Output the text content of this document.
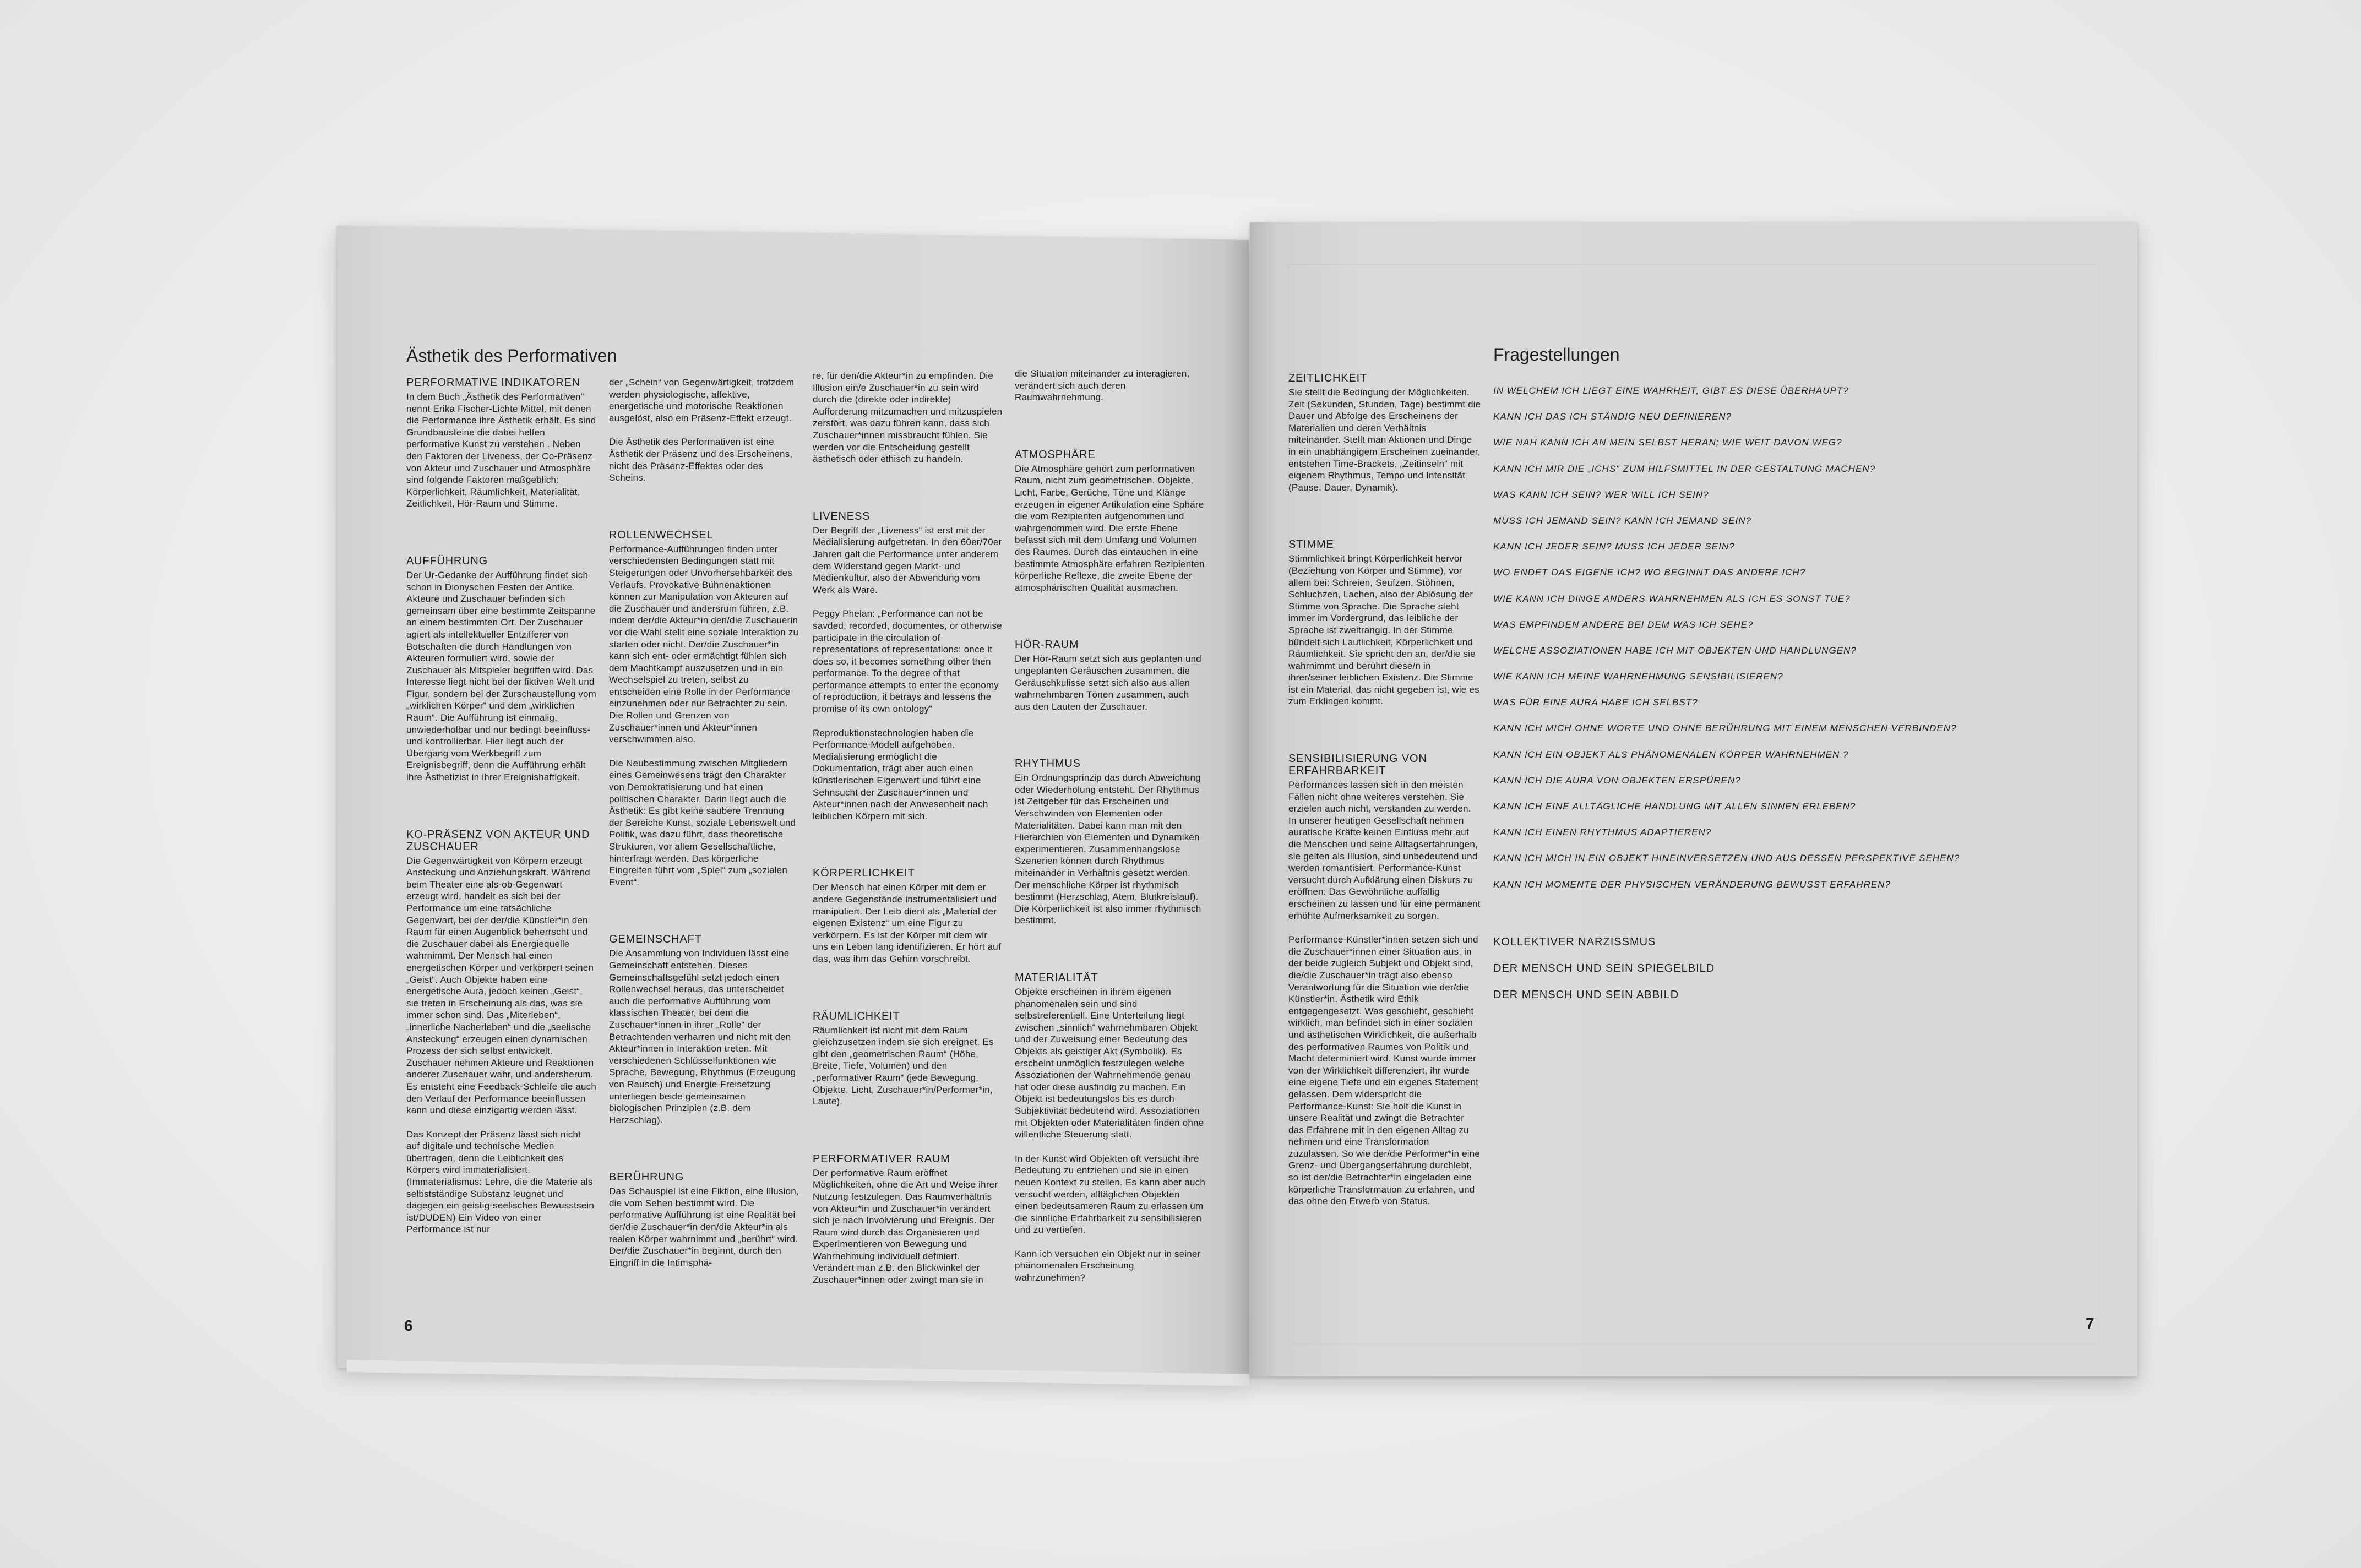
Ästhetik des Performativen
PERFORMATIVE INDIKATOREN

In dem Buch „Ästhetik des Performativen“ nennt Erika Fischer-Lichte Mittel, mit denen die Performance ihre Ästhetik erhält. Es sind Grundbausteine die dabei helfen performative Kunst zu verstehen . Neben den Faktoren der Liveness, der Co-Präsenz von Akteur und Zuschauer und Atmosphäre sind folgende Faktoren maßgeblich: Körperlichkeit, Räumlichkeit, Materialität, Zeitlichkeit, Hör-Raum und Stimme.

AUFFÜHRUNG

Der Ur-Gedanke der Aufführung findet sich schon in Dionyschen Festen der Antike. Akteure und Zuschauer befinden sich gemeinsam über eine bestimmte Zeitspanne an einem bestimmten Ort. Der Zuschauer agiert als intellektueller Entzifferer von Botschaften die durch Handlungen von Akteuren formuliert wird, sowie der Zuschauer als Mitspieler begriffen wird. Das Interesse liegt nicht bei der fiktiven Welt und Figur, sondern bei der Zurschaustellung vom „wirklichen Körper“ und dem „wirklichen Raum“. Die Aufführung ist einmalig, unwiederholbar und nur bedingt beeinfluss- und kontrollierbar. Hier liegt auch der Übergang vom Werkbegriff zum Ereignisbegriff, denn die Aufführung erhält ihre Ästhetizist in ihrer Ereignishaftigkeit.

KO-PRÄSENZ VON AKTEUR UND ZUSCHAUER

Die Gegenwärtigkeit von Körpern erzeugt Ansteckung und Anziehungskraft. Während beim Theater eine als-ob-Gegenwart erzeugt wird, handelt es sich bei der Performance um eine tatsächliche Gegenwart, bei der der/die Künstler*in den Raum für einen Augenblick beherrscht und die Zuschauer dabei als Energiequelle wahrnimmt. Der Mensch hat einen energetischen Körper und verkörpert seinen „Geist“. Auch Objekte haben eine energetische Aura, jedoch keinen „Geist“, sie treten in Erscheinung als das, was sie immer schon sind. Das „Miterleben“, „innerliche Nacherleben“ und die „seelische Ansteckung“ erzeugen einen dynamischen Prozess der sich selbst entwickelt. Zuschauer nehmen Akteure und Reaktionen anderer Zuschauer wahr, und andersherum. Es entsteht eine Feedback-Schleife die auch den Verlauf der Performance beeinflussen kann und diese einzigartig werden lässt.

Das Konzept der Präsenz lässt sich nicht auf digitale und technische Medien übertragen, denn die Leiblichkeit des Körpers wird immaterialisiert. (Immaterialismus: Lehre, die die Materie als selbstständige Substanz leugnet und dagegen ein geistig-seelisches Bewusstsein ist/DUDEN) Ein Video von einer Performance ist nur

der „Schein“ von Gegenwärtigkeit, trotzdem werden physiologische, affektive, energetische und motorische Reaktionen ausgelöst, also ein Präsenz-Effekt erzeugt.

Die Ästhetik des Performativen ist eine Ästhetik der Präsenz und des Erscheinens, nicht des Präsenz-Effektes oder des Scheins.

ROLLENWECHSEL

Performance-Aufführungen finden unter verschiedensten Bedingungen statt mit Steigerungen oder Unvorhersehbarkeit des Verlaufs. Provokative Bühnenaktionen können zur Manipulation von Akteuren auf die Zuschauer und andersrum führen, z.B. indem der/die Akteur*in den/die Zuschauerin vor die Wahl stellt eine soziale Interaktion zu starten oder nicht. Der/die Zuschauer*in kann sich ent- oder ermächtigt fühlen sich dem Machtkampf auszusetzen und in ein Wechselspiel zu treten, selbst zu entscheiden eine Rolle in der Performance einzunehmen oder nur Betrachter zu sein. Die Rollen und Grenzen von Zuschauer*innen und Akteur*innen verschwimmen also.

Die Neubestimmung zwischen Mitgliedern eines Gemeinwesens trägt den Charakter von Demokratisierung und hat einen politischen Charakter. Darin liegt auch die Ästhetik: Es gibt keine saubere Trennung der Bereiche Kunst, soziale Lebenswelt und Politik, was dazu führt, dass theoretische Strukturen, vor allem Gesellschaftliche, hinterfragt werden. Das körperliche Eingreifen führt vom „Spiel“ zum „sozialen Event“.

GEMEINSCHAFT

Die Ansammlung von Individuen lässt eine Gemeinschaft entstehen. Dieses Gemeinschaftsgefühl setzt jedoch einen Rollenwechsel heraus, das unterscheidet auch die performative Aufführung vom klassischen Theater, bei dem die Zuschauer*innen in ihrer „Rolle“ der Betrachtenden verharren und nicht mit den Akteur*innen in Interaktion treten. Mit verschiedenen Schlüsselfunktionen wie Sprache, Bewegung, Rhythmus (Erzeugung von Rausch) und Energie-Freisetzung unterliegen beide gemeinsamen biologischen Prinzipien (z.B. dem Herzschlag).

BERÜHRUNG

Das Schauspiel ist eine Fiktion, eine Illusion, die vom Sehen bestimmt wird. Die performative Aufführung ist eine Realität bei der/die Zuschauer*in den/die Akteur*in als realen Körper wahrnimmt und „berührt“ wird. Der/die Zuschauer*in beginnt, durch den Eingriff in die Intimsphä-

re, für den/die Akteur*in zu empfinden. Die Illusion ein/e Zuschauer*in zu sein wird durch die (direkte oder indirekte) Aufforderung mitzumachen und mitzuspielen zerstört, was dazu führen kann, dass sich Zuschauer*innen missbraucht fühlen. Sie werden vor die Entscheidung gestellt ästhetisch oder ethisch zu handeln.

LIVENESS

Der Begriff der „Liveness“ ist erst mit der Medialisierung aufgetreten. In den 60er/70er Jahren galt die Performance unter anderem dem Widerstand gegen Markt- und Medienkultur, also der Abwendung vom Werk als Ware.

Peggy Phelan: „Performance can not be savded, recorded, documentes, or otherwise participate in the circulation of representations of representations: once it does so, it becomes something other then performance. To the degree of that performance attempts to enter the economy of reproduction, it betrays and lessens the promise of its own ontology“

Reproduktionstechnologien haben die Performance-Modell aufgehoben. Medialisierung ermöglicht die Dokumentation, trägt aber auch einen künstlerischen Eigenwert und führt eine Sehnsucht der Zuschauer*innen und Akteur*innen nach der Anwesenheit nach leiblichen Körpern mit sich.

KÖRPERLICHKEIT

Der Mensch hat einen Körper mit dem er andere Gegenstände instrumentalisiert und manipuliert. Der Leib dient als „Material der eigenen Existenz“ um eine Figur zu verkörpern. Es ist der Körper mit dem wir uns ein Leben lang identifizieren. Er hört auf das, was ihm das Gehirn vorschreibt.

RÄUMLICHKEIT

Räumlichkeit ist nicht mit dem Raum gleichzusetzen indem sie sich ereignet. Es gibt den „geometrischen Raum“ (Höhe, Breite, Tiefe, Volumen) und den „performativer Raum“ (jede Bewegung, Objekte, Licht, Zuschauer*in/Performer*in, Laute).

PERFORMATIVER RAUM

Der performative Raum eröffnet Möglichkeiten, ohne die Art und Weise ihrer Nutzung festzulegen. Das Raumverhältnis von Akteur*in und Zuschauer*in verändert sich je nach Involvierung und Ereignis. Der Raum wird durch das Organisieren und Experimentieren von Bewegung und Wahrnehmung individuell definiert. Verändert man z.B. den Blickwinkel der Zuschauer*innen oder zwingt man sie in

die Situation miteinander zu interagieren, verändert sich auch deren Raumwahrnehmung.

ATMOSPHÄRE

Die Atmosphäre gehört zum performativen Raum, nicht zum geometrischen. Objekte, Licht, Farbe, Gerüche, Töne und Klänge erzeugen in eigener Artikulation eine Sphäre die vom Rezipienten aufgenommen und wahrgenommen wird. Die erste Ebene befasst sich mit dem Umfang und Volumen des Raumes. Durch das eintauchen in eine bestimmte Atmosphäre erfahren Rezipienten körperliche Reflexe, die zweite Ebene der atmosphärischen Qualität ausmachen.

HÖR-RAUM

Der Hör-Raum setzt sich aus geplanten und ungeplanten Geräuschen zusammen, die Geräuschkulisse setzt sich also aus allen wahrnehmbaren Tönen zusammen, auch aus den Lauten der Zuschauer.

RHYTHMUS

Ein Ordnungsprinzip das durch Abweichung oder Wiederholung entsteht. Der Rhythmus ist Zeitgeber für das Erscheinen und Verschwinden von Elementen oder Materialitäten. Dabei kann man mit den Hierarchien von Elementen und Dynamiken experimentieren. Zusammenhangslose Szenerien können durch Rhythmus miteinander in Verhältnis gesetzt werden. Der menschliche Körper ist rhythmisch bestimmt (Herzschlag, Atem, Blutkreislauf). Die Körperlichkeit ist also immer rhythmisch bestimmt.

MATERIALITÄT

Objekte erscheinen in ihrem eigenen phänomenalen sein und sind selbstreferentiell. Eine Unterteilung liegt zwischen „sinnlich“ wahrnehmbaren Objekt und der Zuweisung einer Bedeutung des Objekts als geistiger Akt (Symbolik). Es erscheint unmöglich festzulegen welche Assoziationen der Wahrnehmende genau hat oder diese ausfindig zu machen. Ein Objekt ist bedeutungslos bis es durch Subjektivität bedeutend wird. Assoziationen mit Objekten oder Materialitäten finden ohne willentliche Steuerung statt.

In der Kunst wird Objekten oft versucht ihre Bedeutung zu entziehen und sie in einen neuen Kontext zu stellen. Es kann aber auch versucht werden, alltäglichen Objekten einen bedeutsameren Raum zu erlassen um die sinnliche Erfahrbarkeit zu sensibilisieren und zu vertiefen.

Kann ich versuchen ein Objekt nur in seiner phänomenalen Erscheinung wahrzunehmen?

6
ZEITLICHKEIT

Sie stellt die Bedingung der Möglichkeiten. Zeit (Sekunden, Stunden, Tage) bestimmt die Dauer und Abfolge des Erscheinens der Materialien und deren Verhältnis miteinander. Stellt man Aktionen und Dinge in ein unabhängigem Erscheinen zueinander, entstehen Time-Brackets, „Zeitinseln“ mit eigenem Rhythmus, Tempo und Intensität (Pause, Dauer, Dynamik).

STIMME

Stimmlichkeit bringt Körperlichkeit hervor (Beziehung von Körper und Stimme), vor allem bei: Schreien, Seufzen, Stöhnen, Schluchzen, Lachen, also der Ablösung der Stimme von Sprache. Die Sprache steht immer im Vordergrund, das leibliche der Sprache ist zweitrangig. In der Stimme bündelt sich Lautlichkeit, Körperlichkeit und Räumlichkeit. Sie spricht den an, der/die sie wahrnimmt und berührt diese/n in ihrer/seiner leiblichen Existenz. Die Stimme ist ein Material, das nicht gegeben ist, wie es zum Erklingen kommt.

SENSIBILISIERUNG VON ERFAHRBARKEIT

Performances lassen sich in den meisten Fällen nicht ohne weiteres verstehen. Sie erzielen auch nicht, verstanden zu werden. In unserer heutigen Gesellschaft nehmen auratische Kräfte keinen Einfluss mehr auf die Menschen und seine Alltagserfahrungen, sie gelten als Illusion, sind unbedeutend und werden romantisiert. Performance-Kunst versucht durch Aufklärung einen Diskurs zu eröffnen: Das Gewöhnliche auffällig erscheinen zu lassen und für eine permanent erhöhte Aufmerksamkeit zu sorgen.

Performance-Künstler*innen setzen sich und die Zuschauer*innen einer Situation aus, in der beide zugleich Subjekt und Objekt sind, die/die Zuschauer*in trägt also ebenso Verantwortung für die Situation wie der/die Künstler*in. Ästhetik wird Ethik entgegengesetzt. Was geschieht, geschieht wirklich, man befindet sich in einer sozialen und ästhetischen Wirklichkeit, die außerhalb des performativen Raumes von Politik und Macht determiniert wird. Kunst wurde immer von der Wirklichkeit differenziert, ihr wurde eine eigene Tiefe und ein eigenes Statement gelassen. Dem widerspricht die Performance-Kunst: Sie holt die Kunst in unsere Realität und zwingt die Betrachter das Erfahrene mit in den eigenen Alltag zu nehmen und eine Transformation zuzulassen. So wie der/die Performer*in eine Grenz- und Übergangserfahrung durchlebt, so ist der/die Betrachter*in eingeladen eine körperliche Transformation zu erfahren, und das ohne den Erwerb von Status.

Fragestellungen
IN WELCHEM ICH LIEGT EINE WAHRHEIT, GIBT ES DIESE ÜBERHAUPT?
KANN ICH DAS ICH STÄNDIG NEU DEFINIEREN?
WIE NAH KANN ICH AN MEIN SELBST HERAN; WIE WEIT DAVON WEG?
KANN ICH MIR DIE „ICHS“ ZUM HILFSMITTEL IN DER GESTALTUNG MACHEN?
WAS KANN ICH SEIN? WER WILL ICH SEIN?
MUSS ICH JEMAND SEIN? KANN ICH JEMAND SEIN?
KANN ICH JEDER SEIN? MUSS ICH JEDER SEIN?
WO ENDET DAS EIGENE ICH? WO BEGINNT DAS ANDERE ICH?
WIE KANN ICH DINGE ANDERS WAHRNEHMEN ALS ICH ES SONST TUE?
WAS EMPFINDEN ANDERE BEI DEM WAS ICH SEHE?
WELCHE ASSOZIATIONEN HABE ICH MIT OBJEKTEN UND HANDLUNGEN?
WIE KANN ICH MEINE WAHRNEHMUNG SENSIBILISIEREN?
WAS FÜR EINE AURA HABE ICH SELBST?
KANN ICH MICH OHNE WORTE UND OHNE BERÜHRUNG MIT EINEM MENSCHEN VERBINDEN?
KANN ICH EIN OBJEKT ALS PHÄNOMENALEN KÖRPER WAHRNEHMEN ?
KANN ICH DIE AURA VON OBJEKTEN ERSPÜREN?
KANN ICH EINE ALLTÄGLICHE HANDLUNG MIT ALLEN SINNEN ERLEBEN?
KANN ICH EINEN RHYTHMUS ADAPTIEREN?
KANN ICH MICH IN EIN OBJEKT HINEINVERSETZEN UND AUS DESSEN PERSPEKTIVE SEHEN?
KANN ICH MOMENTE DER PHYSISCHEN VERÄNDERUNG BEWUSST ERFAHREN?
KOLLEKTIVER NARZISSMUS
DER MENSCH UND SEIN SPIEGELBILD
DER MENSCH UND SEIN ABBILD
7
